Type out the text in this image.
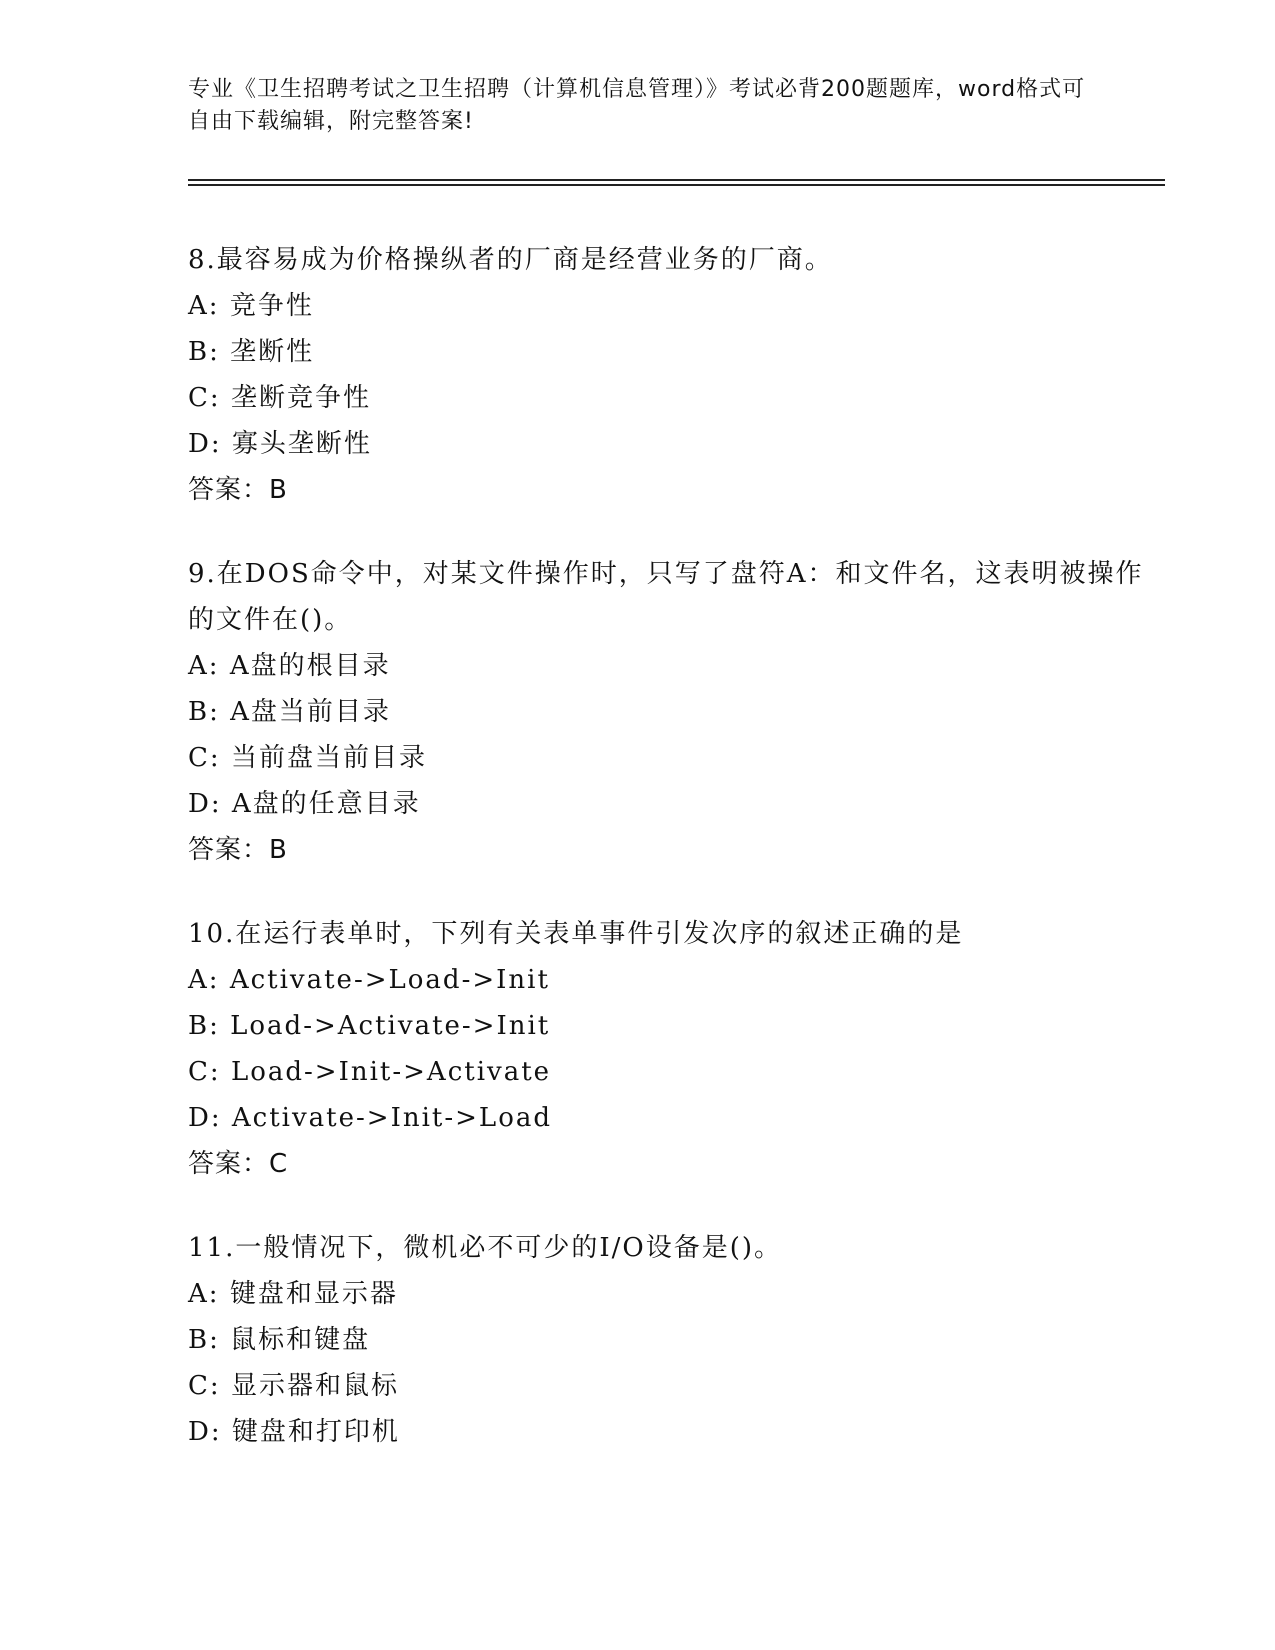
专业《卫生招聘考试之卫生招聘（计算机信息管理）》考试必背200题题库，word格式可自由下载编辑，附完整答案!
8.最容易成为价格操纵者的厂商是经营业务的厂商。
A : 竞争性
B : 垄断性
C : 垄断竞争性
D : 寡头垄断性
答案：B
9.在DOS命令中，对某文件操作时，只写了盘符A：和文件名，这表明被操作的文件在()。
A : A盘的根目录
B : A盘当前目录
C : 当前盘当前目录
D : A盘的任意目录
答案：B
10.在运行表单时，下列有关表单事件引发次序的叙述正确的是
A : Activate->Load->Init
B : Load->Activate->Init
C : Load->Init->Activate
D : Activate->Init->Load
答案：C
11.一般情况下，微机必不可少的I/O设备是()。
A : 键盘和显示器
B : 鼠标和键盘
C : 显示器和鼠标
D : 键盘和打印机
